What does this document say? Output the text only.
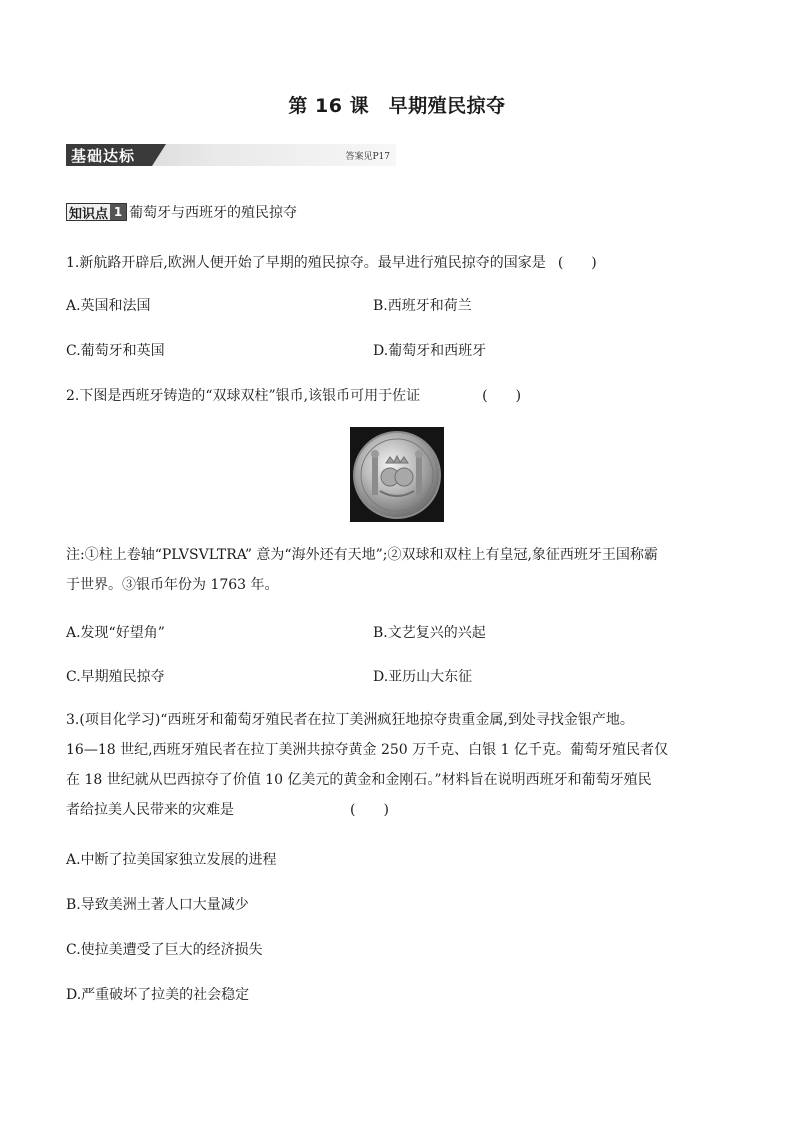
第 16 课　早期殖民掠夺
基础达标	答案见P17
知识点 1 葡萄牙与西班牙的殖民掠夺
1.新航路开辟后,欧洲人便开始了早期的殖民掠夺。最早进行殖民掠夺的国家是 (　　)
A.英国和法国	B.西班牙和荷兰
C.葡萄牙和英国	D.葡萄牙和西班牙
2.下图是西班牙铸造的“双球双柱”银币,该银币可用于佐证	(　　)
注:①柱上卷轴“PLVSVLTRA” 意为“海外还有天地”;②双球和双柱上有皇冠,象征西班牙王国称霸
于世界。③银币年份为 1763 年。
A.发现“好望角”	B.文艺复兴的兴起
C.早期殖民掠夺	D.亚历山大东征
3.(项目化学习)“西班牙和葡萄牙殖民者在拉丁美洲疯狂地掠夺贵重金属,到处寻找金银产地。
16—18 世纪,西班牙殖民者在拉丁美洲共掠夺黄金 250 万千克、白银 1 亿千克。葡萄牙殖民者仅
在 18 世纪就从巴西掠夺了价值 10 亿美元的黄金和金刚石。”材料旨在说明西班牙和葡萄牙殖民
者给拉美人民带来的灾难是	(　　)
A.中断了拉美国家独立发展的进程
B.导致美洲土著人口大量减少
C.使拉美遭受了巨大的经济损失
D.严重破坏了拉美的社会稳定
